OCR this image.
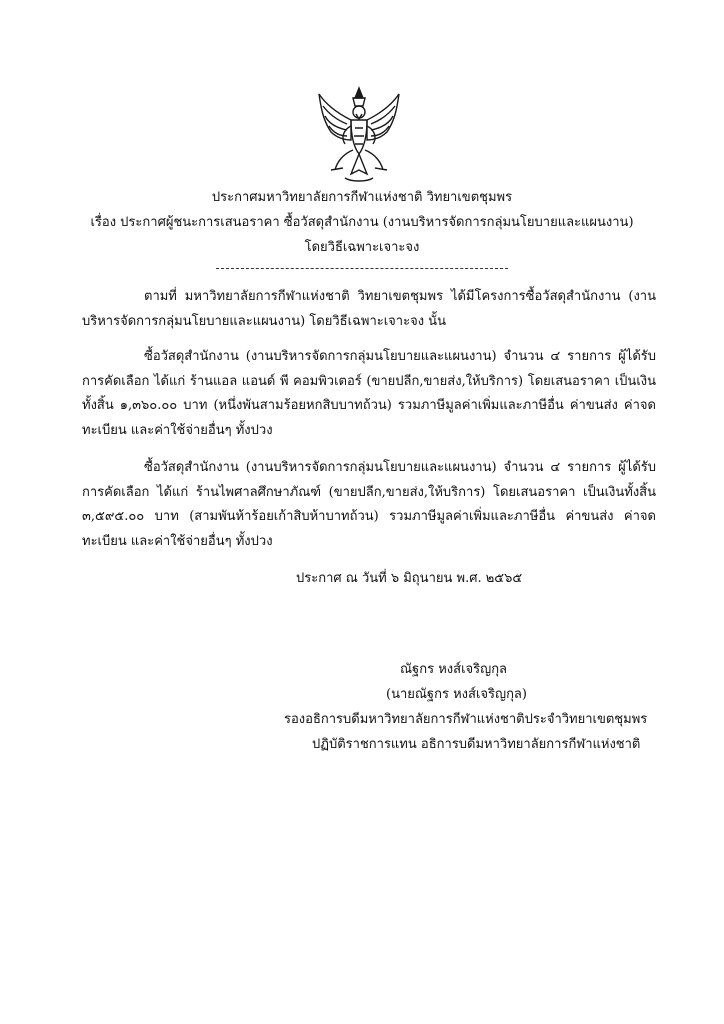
ประกาศมหาวิทยาลัยการกีฬาแห่งชาติ วิทยาเขตชุมพร
เรื่อง ประกาศผู้ชนะการเสนอราคา ซื้อวัสดุสำนักงาน (งานบริหารจัดการกลุ่มนโยบายและแผนงาน)
โดยวิธีเฉพาะเจาะจง
ตามที่ มหาวิทยาลัยการกีฬาแห่งชาติ วิทยาเขตชุมพร ได้มีโครงการซื้อวัสดุสำนักงาน (งานบริหารจัดการกลุ่มนโยบายและแผนงาน) โดยวิธีเฉพาะเจาะจง นั้น
ซื้อวัสดุสำนักงาน (งานบริหารจัดการกลุ่มนโยบายและแผนงาน) จำนวน ๔ รายการ ผู้ได้รับการคัดเลือก ได้แก่ ร้านแอล แอนด์ พี คอมพิวเตอร์ (ขายปลีก,ขายส่ง,ให้บริการ) โดยเสนอราคา เป็นเงินทั้งสิ้น ๑,๓๖๐.๐๐ บาท (หนึ่งพันสามร้อยหกสิบบาทถ้วน) รวมภาษีมูลค่าเพิ่มและภาษีอื่น ค่าขนส่ง ค่าจดทะเบียน และค่าใช้จ่ายอื่นๆ ทั้งปวง
ซื้อวัสดุสำนักงาน (งานบริหารจัดการกลุ่มนโยบายและแผนงาน) จำนวน ๔ รายการ ผู้ได้รับการคัดเลือก ได้แก่ ร้านไพศาลศึกษาภัณฑ์ (ขายปลีก,ขายส่ง,ให้บริการ) โดยเสนอราคา เป็นเงินทั้งสิ้น ๓,๕๙๕.๐๐ บาท (สามพันห้าร้อยเก้าสิบห้าบาทถ้วน) รวมภาษีมูลค่าเพิ่มและภาษีอื่น ค่าขนส่ง ค่าจดทะเบียน และค่าใช้จ่ายอื่นๆ ทั้งปวง
ประกาศ ณ วันที่ ๖ มิถุนายน พ.ศ. ๒๕๖๕
ณัฐกร หงส์เจริญกุล
(นายณัฐกร หงส์เจริญกุล)
รองอธิการบดีมหาวิทยาลัยการกีฬาแห่งชาติประจำวิทยาเขตชุมพร
ปฏิบัติราชการแทน อธิการบดีมหาวิทยาลัยการกีฬาแห่งชาติ
